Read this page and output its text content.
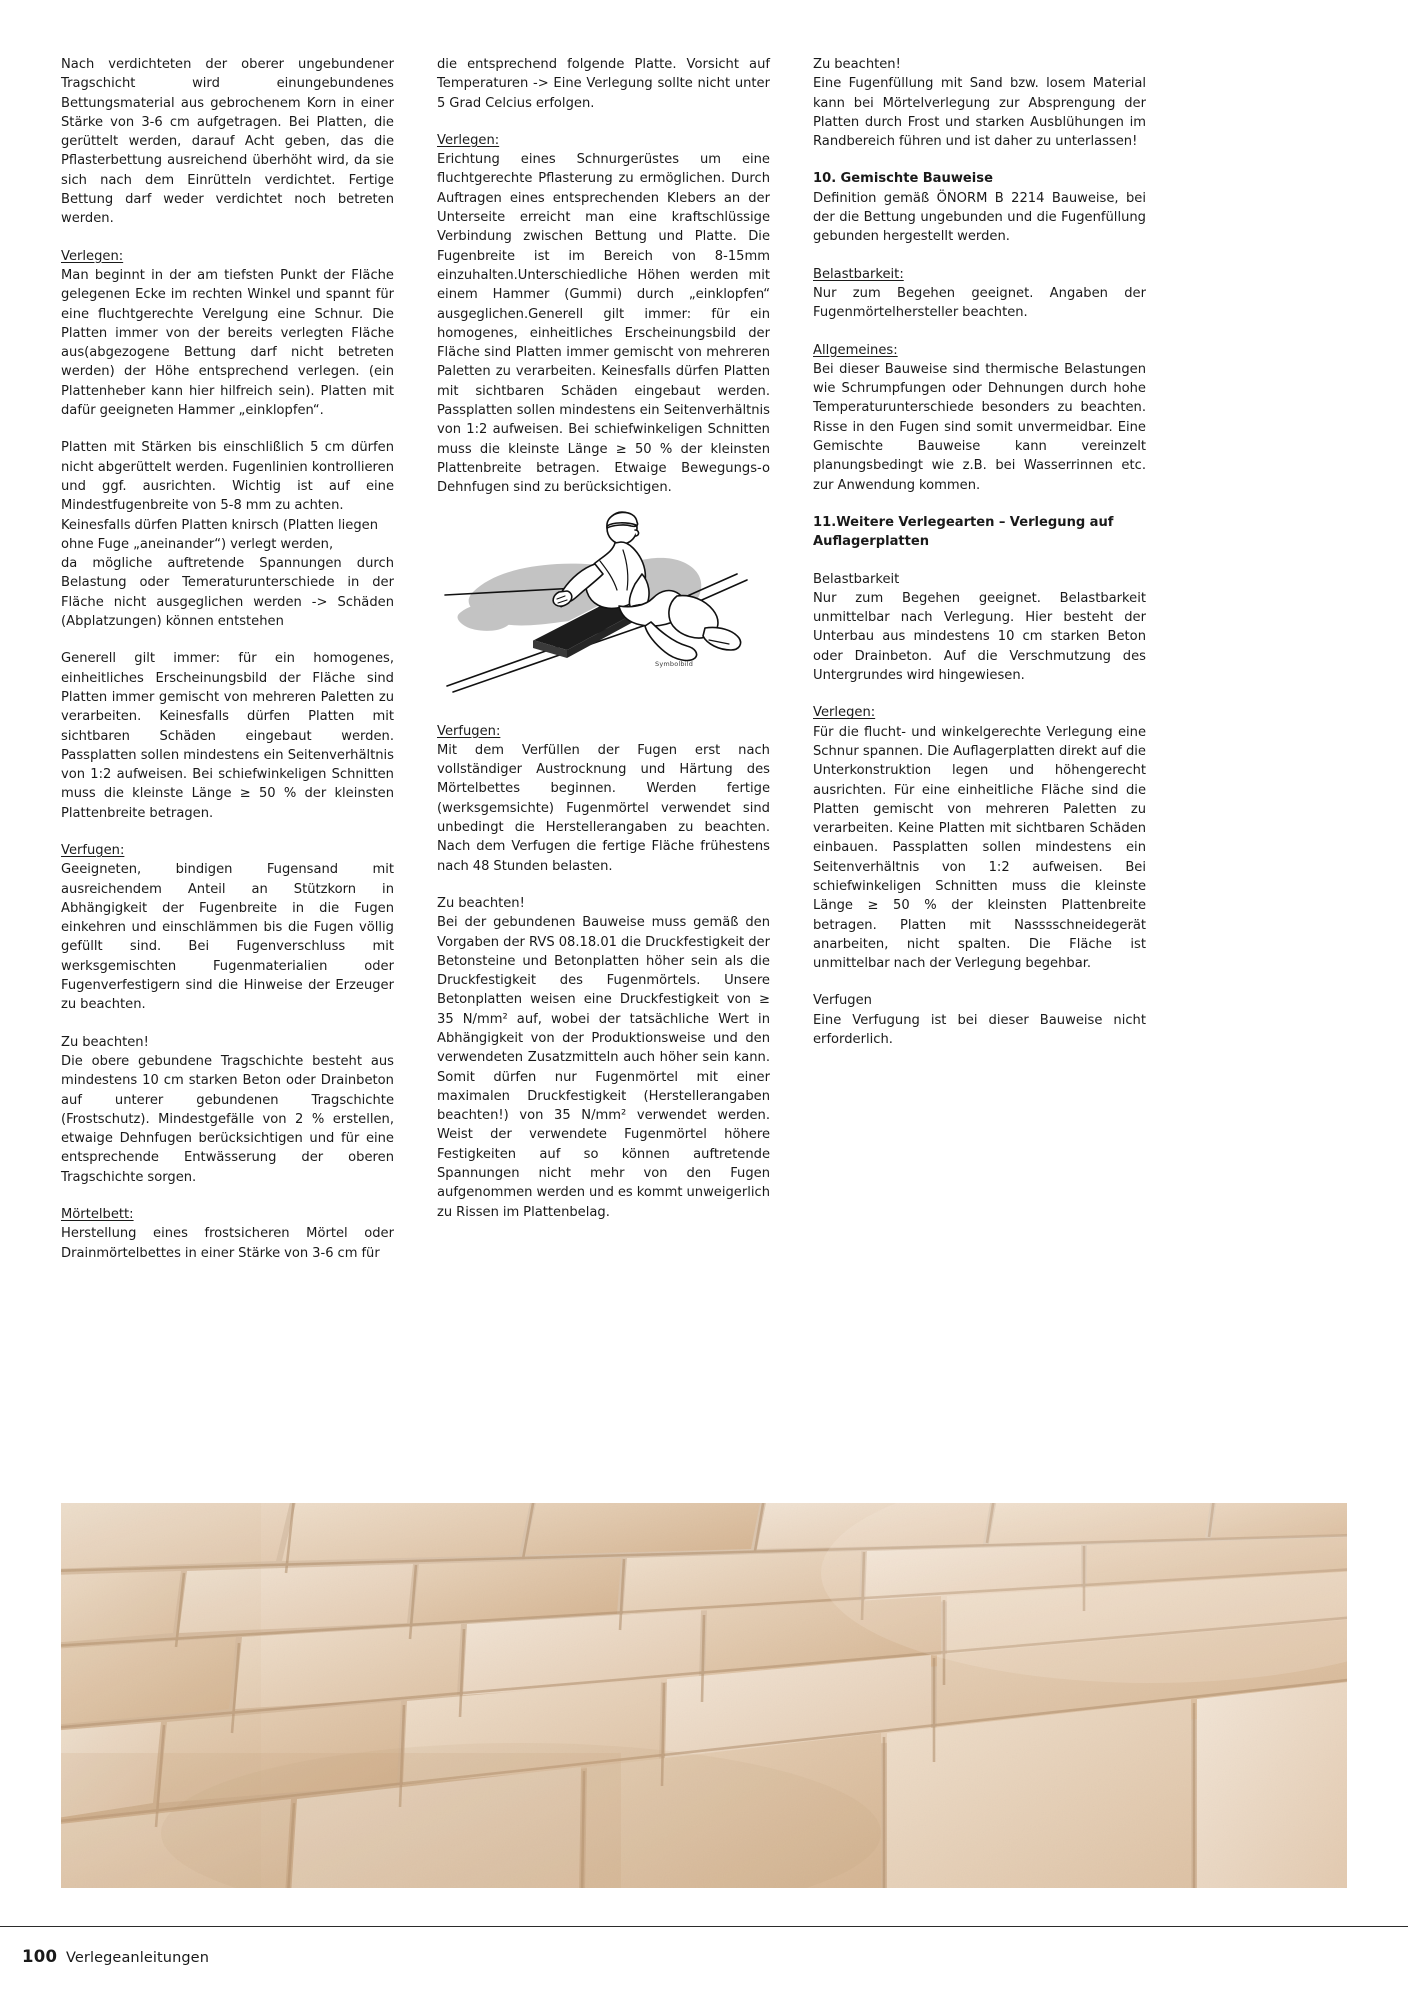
Nach verdichteten der oberer ungebundener Tragschicht wird einungebundenes Bettungsmaterial aus gebrochenem Korn in einer Stärke von 3-6 cm aufgetragen. Bei Platten, die gerüttelt werden, darauf Acht geben, das die Pflasterbettung ausreichend überhöht wird, da sie sich nach dem Einrütteln verdichtet. Fertige Bettung darf weder verdichtet noch betreten werden.

Verlegen:

Man beginnt in der am tiefsten Punkt der Fläche gelegenen Ecke im rechten Winkel und spannt für eine fluchtgerechte Verelgung eine Schnur. Die Platten immer von der bereits verlegten Fläche aus(abgezogene Bettung darf nicht betreten werden) der Höhe entsprechend verlegen. (ein Plattenheber kann hier hilfreich sein). Platten mit dafür geeigneten Hammer „einklopfen“.

Platten mit Stärken bis einschlißlich 5 cm dürfen nicht abgerüttelt werden. Fugenlinien kontrollieren und ggf. ausrichten. Wichtig ist auf eine Mindestfugenbreite von 5-8 mm zu achten.

Keinesfalls dürfen Platten knirsch (Platten liegen ohne Fuge „aneinander“) verlegt werden,

da mögliche auftretende Spannungen durch Belastung oder Temeraturunterschiede in der Fläche nicht ausgeglichen werden -> Schäden (Abplatzungen) können entstehen

Generell gilt immer: für ein homogenes, einheitliches Erscheinungsbild der Fläche sind Platten immer gemischt von mehreren Paletten zu verarbeiten. Keinesfalls dürfen Platten mit sichtbaren Schäden eingebaut werden. Passplatten sollen mindestens ein Seitenverhältnis von 1:2 aufweisen. Bei schiefwinkeligen Schnitten muss die kleinste Länge ≥ 50 % der kleinsten Plattenbreite betragen.

Verfugen:

Geeigneten, bindigen Fugensand mit ausreichendem Anteil an Stützkorn in Abhängigkeit der Fugenbreite in die Fugen einkehren und einschlämmen bis die Fugen völlig gefüllt sind. Bei Fugenverschluss mit werksgemischten Fugenmaterialien oder Fugenverfestigern sind die Hinweise der Erzeuger zu beachten.

Zu beachten!

Die obere gebundene Tragschichte besteht aus mindestens 10 cm starken Beton oder Drainbeton auf unterer gebundenen Tragschichte (Frostschutz). Mindestgefälle von 2 % erstellen, etwaige Dehnfugen berücksichtigen und für eine entsprechende Entwässerung der oberen Tragschichte sorgen.

Mörtelbett:

Herstellung eines frostsicheren Mörtel oder Drainmörtelbettes in einer Stärke von 3-6 cm für

die entsprechend folgende Platte. Vorsicht auf Temperaturen -> Eine Verlegung sollte nicht unter 5 Grad Celcius erfolgen.

Verlegen:

Erichtung eines Schnurgerüstes um eine fluchtgerechte Pflasterung zu ermöglichen. Durch Auftragen eines entsprechenden Klebers an der Unterseite erreicht man eine kraftschlüssige Verbindung zwischen Bettung und Platte. Die Fugenbreite ist im Bereich von 8-15mm einzuhalten.Unterschiedliche Höhen werden mit einem Hammer (Gummi) durch „einklopfen“ ausgeglichen.Generell gilt immer: für ein homogenes, einheitliches Erscheinungsbild der Fläche sind Platten immer gemischt von mehreren Paletten zu verarbeiten. Keinesfalls dürfen Platten mit sichtbaren Schäden eingebaut werden. Passplatten sollen mindestens ein Seitenverhältnis von 1:2 aufweisen. Bei schiefwinkeligen Schnitten muss die kleinste Länge ≥ 50 % der kleinsten Plattenbreite betragen. Etwaige Bewegungs-o Dehnfugen sind zu berücksichtigen.

Symbolbild

Verfugen:

Mit dem Verfüllen der Fugen erst nach vollständiger Austrocknung und Härtung des Mörtelbettes beginnen. Werden fertige (werksgemsichte) Fugenmörtel verwendet sind unbedingt die Herstellerangaben zu beachten. Nach dem Verfugen die fertige Fläche frühestens nach 48 Stunden belasten.

Zu beachten!

Bei der gebundenen Bauweise muss gemäß den Vorgaben der RVS 08.18.01 die Druckfestigkeit der Betonsteine und Betonplatten höher sein als die Druckfestigkeit des Fugenmörtels. Unsere Betonplatten weisen eine Druckfestigkeit von ≥ 35 N/mm² auf, wobei der tatsächliche Wert in Abhängigkeit von der Produktionsweise und den verwendeten Zusatzmitteln auch höher sein kann. Somit dürfen nur Fugenmörtel mit einer maximalen Druckfestigkeit (Herstellerangaben beachten!) von 35 N/mm² verwendet werden. Weist der verwendete Fugenmörtel höhere Festigkeiten auf so können auftretende Spannungen nicht mehr von den Fugen aufgenommen werden und es kommt unweigerlich zu Rissen im Plattenbelag.

Zu beachten!

Eine Fugenfüllung mit Sand bzw. losem Material kann bei Mörtelverlegung zur Absprengung der Platten durch Frost und starken Ausblühungen im Randbereich führen und ist daher zu unterlassen!

10. Gemischte Bauweise

Definition gemäß ÖNORM B 2214 Bauweise, bei der die Bettung ungebunden und die Fugenfüllung gebunden hergestellt werden.

Belastbarkeit:

Nur zum Begehen geeignet. Angaben der Fugenmörtelhersteller beachten.

Allgemeines:

Bei dieser Bauweise sind thermische Belastungen wie Schrumpfungen oder Dehnungen durch hohe Temperaturunterschiede besonders zu beachten. Risse in den Fugen sind somit unvermeidbar. Eine Gemischte Bauweise kann vereinzelt planungsbedingt wie z.B. bei Wasserrinnen etc. zur Anwendung kommen.

11.Weitere Verlegearten – Verlegung auf Auflagerplatten

Belastbarkeit

Nur zum Begehen geeignet. Belastbarkeit unmittelbar nach Verlegung. Hier besteht der Unterbau aus mindestens 10 cm starken Beton oder Drainbeton. Auf die Verschmutzung des Untergrundes wird hingewiesen.

Verlegen:

Für die flucht- und winkelgerechte Verlegung eine Schnur spannen. Die Auflagerplatten direkt auf die Unterkonstruktion legen und höhengerecht ausrichten. Für eine einheitliche Fläche sind die Platten gemischt von mehreren Paletten zu verarbeiten. Keine Platten mit sichtbaren Schäden einbauen. Passplatten sollen mindestens ein Seitenverhältnis von 1:2 aufweisen. Bei schiefwinkeligen Schnitten muss die kleinste Länge ≥ 50 % der kleinsten Plattenbreite betragen. Platten mit Nasssschneidegerät anarbeiten, nicht spalten. Die Fläche ist unmittelbar nach der Verlegung begehbar.

Verfugen

Eine Verfugung ist bei dieser Bauweise nicht erforderlich.

100 Verlegeanleitungen
